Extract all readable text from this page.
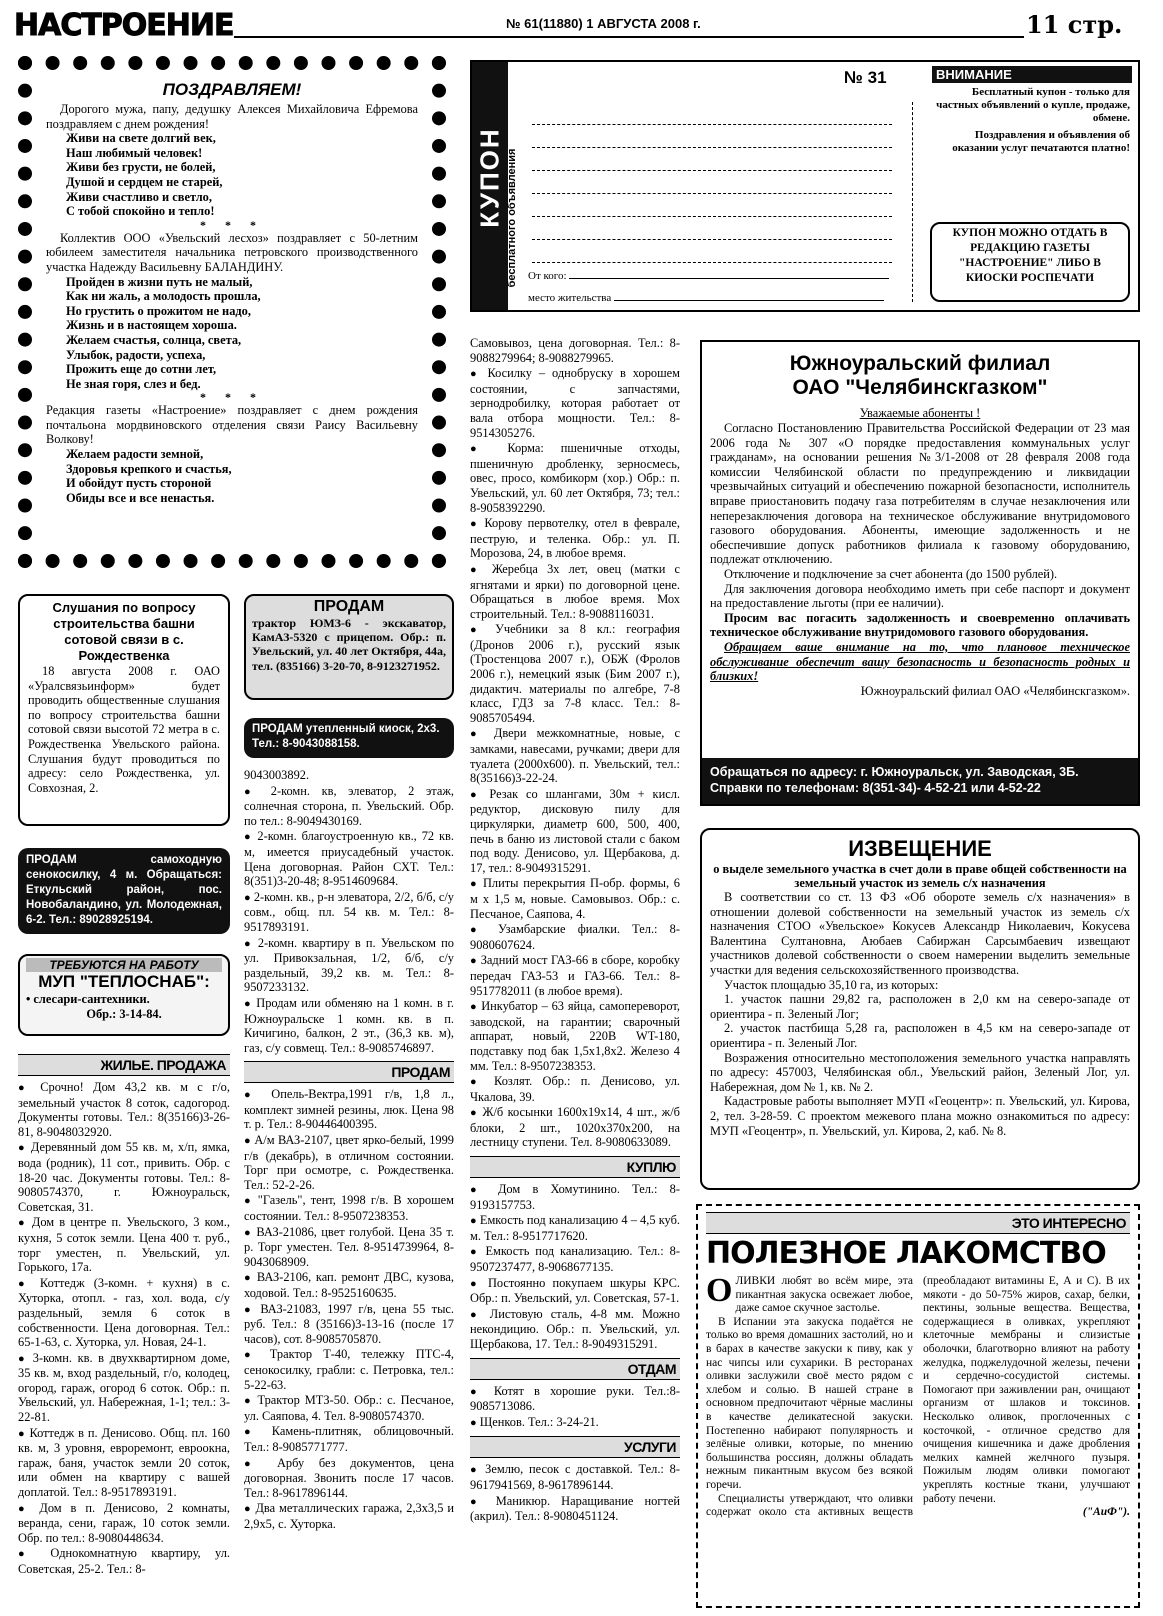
НАСТРОЕНИЕ	№ 61(11880) 1 АВГУСТА 2008 г.	11 стр.
ПОЗДРАВЛЯЕМ!

Дорогого мужа, папу, дедушку Алексея Михайловича Ефремова поздравляем с днем рождения!

Живи на свете долгий век,
Наш любимый человек!
Живи без грусти, не болей,
Душой и сердцем не старей,
Живи счастливо и светло,
С тобой спокойно и тепло!
* * *

Коллектив ООО «Увельский лесхоз» поздравляет с 50-летним юбилеем заместителя начальника петровского производственного участка Надежду Васильевну БАЛАНДИНУ.

Пройден в жизни путь не малый,
Как ни жаль, а молодость прошла,
Но грустить о прожитом не надо,
Жизнь и в настоящем хороша.
Желаем счастья, солнца, света,
Улыбок, радости, успеха,
Прожить еще до сотни лет,
Не зная горя, слез и бед.
* * *

Редакция газеты «Настроение» поздравляет с днем рождения почтальона мордвиновского отделения связи Раису Васильевну Волкову!

Желаем радости земной,
Здоровья крепкого и счастья,
И обойдут пусть стороной
Обиды все и все ненастья.
КУПОН бесплатного объявления
№ 31
От кого:
место жительства
ВНИМАНИЕ
Бесплатный купон - только для частных объявлений о купле, продаже, обмене.
Поздравления и объявления об оказании услуг печатаются платно!
КУПОН МОЖНО ОТДАТЬ В РЕДАКЦИЮ ГАЗЕТЫ "НАСТРОЕНИЕ" ЛИБО В КИОСКИ РОСПЕЧАТИ
Южноуральский филиал
ОАО "Челябинскгазком"
Уважаемые абоненты !

Согласно Постановлению Правительства Российской Федерации от 23 мая 2006 года № 307 «О порядке предоставления коммунальных услуг гражданам», на основании решения №3/1-2008 от 28 февраля 2008 года комиссии Челябинской области по предупреждению и ликвидации чрезвычайных ситуаций и обеспечению пожарной безопасности, исполнитель вправе приостановить подачу газа потребителям в случае незаключения или неперезаключения договора на техническое обслуживание внутридомового газового оборудования. Абоненты, имеющие задолженность и не обеспечившие допуск работников филиала к газовому оборудованию, подлежат отключению.

Отключение и подключение за счет абонента (до 1500 рублей).

Для заключения договора необходимо иметь при себе паспорт и документ на предоставление льготы (при ее наличии).

Просим вас погасить задолженность и своевременно оплачивать техническое обслуживание внутридомового газового оборудования.

Обращаем ваше внимание на то, что плановое техническое обслуживание обеспечит вашу безопасность и безопасность родных и близких!

Южноуральский филиал ОАО «Челябинскгазком».

Обращаться по адресу: г. Южноуральск, ул. Заводская, 3Б. Справки по телефонам: 8(351-34)- 4-52-21 или 4-52-22
ИЗВЕЩЕНИЕ
о выделе земельного участка в счет доли в праве общей собственности на земельный участок из земель с/х назначения

В соответствии со ст. 13 ФЗ «Об обороте земель с/х назначения» в отношении долевой собственности на земельный участок из земель с/х назначения СТОО «Увельское» Кокусев Александр Николаевич, Кокусева Валентина Султановна, Аюбаев Сабиржан Сарсымбаевич извещают участников долевой собственности о своем намерении выделить земельные участки для ведения сельскохозяйственного производства.

Участок площадью 35,10 га, из которых:

1. участок пашни 29,82 га, расположен в 2,0 км на северо-западе от ориентира - п. Зеленый Лог;

2. участок пастбища 5,28 га, расположен в 4,5 км на северо-западе от ориентира - п. Зеленый Лог.

Возражения относительно местоположения земельного участка направлять по адресу: 457003, Челябинская обл., Увельский район, Зеленый Лог, ул. Набережная, дом № 1, кв. № 2.

Кадастровые работы выполняет МУП «Геоцентр»: п. Увельский, ул. Кирова, 2, тел. 3-28-59. С проектом межевого плана можно ознакомиться по адресу: МУП «Геоцентр», п. Увельский, ул. Кирова, 2, каб. № 8.

ЭТО ИНТЕРЕСНО
ПОЛЕЗНОЕ ЛАКОМСТВО
О ЛИВКИ любят во всём мире, эта пикантная закуска освежает любое, даже самое скучное застолье.

В Испании эта закуска подаётся не только во время домашних застолий, но и в барах в качестве закуски к пиву, как у нас чипсы или сухарики. В ресторанах оливки заслужили своё место рядом с хлебом и солью. В нашей стране в основном предпочитают чёрные маслины в качестве деликатесной закуски. Постепенно набирают популярность и зелёные оливки, которые, по мнению большинства россиян, должны обладать нежным пикантным вкусом без всякой горечи.

Специалисты утверждают, что оливки содержат около ста активных веществ (преобладают витамины Е, А и С). В их мякоти - до 50-75% жиров, сахар, белки, пектины, зольные вещества. Вещества, содержащиеся в оливках, укрепляют клеточные мембраны и слизистые оболочки, благотворно влияют на работу желудка, поджелудочной железы, печени и сердечно-сосудистой системы. Помогают при заживлении ран, очищают организм от шлаков и токсинов. Несколько оливок, проглоченных с косточкой, - отличное средство для очищения кишечника и даже дробления мелких камней желчного пузыря. Пожилым людям оливки помогают укреплять костные ткани, улучшают работу печени.

("АиФ").
Слушания по вопросу строительства башни сотовой связи в с. Рождественка

18 августа 2008 г. ОАО «Уралсвязьинформ» будет проводить общественные слушания по вопросу строительства башни сотовой связи высотой 72 метра в с. Рождественка Увельского района. Слушания будут проводиться по адресу: село Рождественка, ул. Совхозная, 2.

ПРОДАМ самоходную сенокосилку, 4 м. Обращаться: Еткульский район, пос. Новобаландино, ул. Молодежная, 6-2. Тел.: 89028925194.
ТРЕБУЮТСЯ НА РАБОТУ
МУП "ТЕПЛОСНАБ":
• слесари-сантехники.
Обр.: 3-14-84.
ЖИЛЬЕ. ПРОДАЖА

● Срочно! Дом 43,2 кв. м с г/о, земельный участок 8 соток, садогород. Документы готовы. Тел.: 8(35166)3-26-81, 8-9048032920.

● Деревянный дом 55 кв. м, х/п, ямка, вода (родник), 11 сот., привить. Обр. с 18-20 час. Документы готовы. Тел.: 8-9080574370, г. Южноуральск, Советская, 31.

● Дом в центре п. Увельского, 3 ком., кухня, 5 соток земли. Цена 400 т. руб., торг уместен, п. Увельский, ул. Горького, 17а.

● Коттедж (3-комн. + кухня) в с. Хуторка, отопл. - газ, хол. вода, с/у раздельный, земля 6 соток в собственности. Цена договорная. Тел.: 65-1-63, с. Хуторка, ул. Новая, 24-1.

● 3-комн. кв. в двухквартирном доме, 35 кв. м, вход раздельный, г/о, колодец, огород, гараж, огород 6 соток. Обр.: п. Увельский, ул. Набережная, 1-1; тел.: 3-22-81.

● Коттедж в п. Денисово. Общ. пл. 160 кв. м, 3 уровня, евроремонт, евроокна, гараж, баня, участок земли 20 соток, или обмен на квартиру с вашей доплатой. Тел.: 8-9517893191.

● Дом в п. Денисово, 2 комнаты, веранда, сени, гараж, 10 соток земли. Обр. по тел.: 8-9080448634.

● Однокомнатную квартиру, ул. Советская, 25-2. Тел.: 8-

ПРОДАМ
трактор ЮМЗ-6 - экскаватор, КамАЗ-5320 с прицепом. Обр.: п. Увельский, ул. 40 лет Октября, 44а, тел. (835166) 3-20-70, 8-9123271952.
ПРОДАМ утепленный киоск, 2х3. Тел.: 8-9043088158.

9043003892.

● 2-комн. кв, элеватор, 2 этаж, солнечная сторона, п. Увельский. Обр. по тел.: 8-9049430169.

● 2-комн. благоустроенную кв., 72 кв. м, имеется приусадебный участок. Цена договорная. Район СХТ. Тел.: 8(351)3-20-48; 8-9514609684.

● 2-комн. кв., р-н элеватора, 2/2, б/б, с/у совм., общ. пл. 54 кв. м. Тел.: 8-9517893191.

● 2-комн. квартиру в п. Увельском по ул. Привокзальная, 1/2, б/б, с/у раздельный, 39,2 кв. м. Тел.: 8-9507233132.

● Продам или обменяю на 1 комн. в г. Южноуральске 1 комн. кв. в п. Кичигино, балкон, 2 эт., (36,3 кв. м), газ, с/у совмещ. Тел.: 8-9085746897.

ПРОДАМ

● Опель-Вектра,1991 г/в, 1,8 л., комплект зимней резины, люк. Цена 98 т. р. Тел.: 8-90446400395.

● А/м ВАЗ-2107, цвет ярко-белый, 1999 г/в (декабрь), в отличном состоянии. Торг при осмотре, с. Рождественка. Тел.: 52-2-26.

● "Газель", тент, 1998 г/в. В хорошем состоянии. Тел.: 8-9507238353.

● ВАЗ-21086, цвет голубой. Цена 35 т. р. Торг уместен. Тел. 8-9514739964, 8-9043068909.

● ВАЗ-2106, кап. ремонт ДВС, кузова, ходовой. Тел.: 8-9525160635.

● ВАЗ-21083, 1997 г/в, цена 55 тыс. руб. Тел.: 8 (35166)3-13-16 (после 17 часов), сот. 8-9085705870.

● Трактор Т-40, тележку ПТС-4, сенокосилку, грабли: с. Петровка, тел.: 5-22-63.

● Трактор МТЗ-50. Обр.: с. Песчаное, ул. Саяпова, 4. Тел. 8-9080574370.

● Камень-плитняк, облицовочный. Тел.: 8-9085771777.

● Арбу без документов, цена договорная. Звонить после 17 часов. Тел.: 8-9617896144.

● Два металлических гаража, 2,3х3,5 и 2,9х5, с. Хуторка.

Самовывоз, цена договорная. Тел.: 8-9088279964; 8-9088279965.

● Косилку – однобруску в хорошем состоянии, с запчастями, зернодробилку, которая работает от вала отбора мощности. Тел.: 8-9514305276.

● Корма: пшеничные отходы, пшеничную дробленку, зерносмесь, овес, просо, комбикорм (хор.) Обр.: п. Увельский, ул. 60 лет Октября, 73; тел.: 8-9058392290.

● Корову первотелку, отел в феврале, пеструю, и теленка. Обр.: ул. П. Морозова, 24, в любое время.

● Жеребца 3х лет, овец (матки с ягнятами и ярки) по договорной цене. Обращаться в любое время. Мох строительный. Тел.: 8-9088116031.

● Учебники за 8 кл.: география (Дронов 2006 г.), русский язык (Тростенцова 2007 г.), ОБЖ (Фролов 2006 г.), немецкий язык (Бим 2007 г.), дидактич. материалы по алгебре, 7-8 класс, ГДЗ за 7-8 класс. Тел.: 8-9085705494.

● Двери межкомнатные, новые, с замками, навесами, ручками; двери для туалета (2000х600). п. Увельский, тел.: 8(35166)3-22-24.

● Резак со шлангами, 30м + кисл. редуктор, дисковую пилу для циркулярки, диаметр 600, 500, 400, печь в баню из листовой стали с баком под воду. Денисово, ул. Щербакова, д. 17, тел.: 8-9049315291.

● Плиты перекрытия П-обр. формы, 6 м х 1,5 м, новые. Самовывоз. Обр.: с. Песчаное, Саяпова, 4.

● Узамбарские фиалки. Тел.: 8-9080607624.

● Задний мост ГАЗ-66 в сборе, коробку передач ГАЗ-53 и ГАЗ-66. Тел.: 8-9517782011 (в любое время).

● Инкубатор – 63 яйца, самопереворот, заводской, на гарантии; сварочный аппарат, новый, 220В WT-180, подставку под бак 1,5х1,8х2. Железо 4 мм. Тел.: 8-9507238353.

● Козлят. Обр.: п. Денисово, ул. Чкалова, 39.

● Ж/б косынки 1600х19х14, 4 шт., ж/б блоки, 2 шт., 1020х370х200, на лестницу ступени. Тел. 8-9080633089.

КУПЛЮ

● Дом в Хомутинино. Тел.: 8-9193157753.

● Емкость под канализацию 4 – 4,5 куб. м. Тел.: 8-9517717620.

● Емкость под канализацию. Тел.: 8-9507237477, 8-9068677135.

● Постоянно покупаем шкуры КРС. Обр.: п. Увельский, ул. Советская, 57-1.

● Листовую сталь, 4-8 мм. Можно некондицию. Обр.: п. Увельский, ул. Щербакова, 17. Тел.: 8-9049315291.

ОТДАМ

● Котят в хорошие руки. Тел.:8-9085713086.

● Щенков. Тел.: 3-24-21.

УСЛУГИ

● Землю, песок с доставкой. Тел.: 8-9617941569, 8-9617896144.

● Маникюр. Наращивание ногтей (акрил). Тел.: 8-9080451124.
